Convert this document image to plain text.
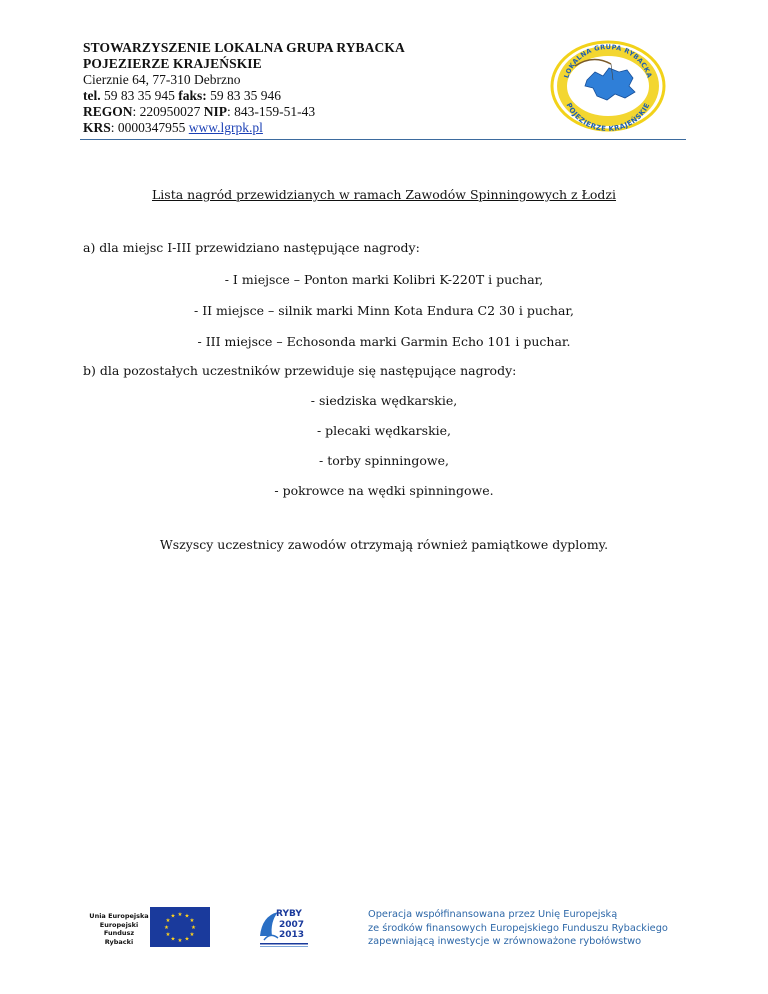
STOWARZYSZENIE LOKALNA GRUPA RYBACKA
POJEZIERZE KRAJEŃSKIE
Cierznie 64, 77-310 Debrzno
tel. 59 83 35 945 faks: 59 83 35 946
REGON: 220950027 NIP: 843-159-51-43
KRS: 0000347955 www.lgrpk.pl
LOKALNA GRUPA RYBACKA
POJEZIERZE KRAJEŃSKIE
Lista nagród przewidzianych w ramach Zawodów Spinningowych z Łodzi
a) dla miejsc I-III przewidziano następujące nagrody:
- I miejsce – Ponton marki Kolibri K-220T i puchar,
- II miejsce – silnik marki Minn Kota Endura C2 30 i puchar,
- III miejsce – Echosonda marki Garmin Echo 101 i puchar.
b) dla pozostałych uczestników przewiduje się następujące nagrody:
- siedziska wędkarskie,
- plecaki wędkarskie,
- torby spinningowe,
- pokrowce na wędki spinningowe.
Wszyscy uczestnicy zawodów otrzymają również pamiątkowe dyplomy.
Unia Europejska
Europejski
Fundusz
Rybacki
★ ★
★
★
★
★
★
★
★
★
★
★	RYBY
2007
2013
Operacja współfinansowana przez Unię Europejską
ze środków finansowych Europejskiego Funduszu Rybackiego
zapewniającą inwestycje w zrównoważone rybołówstwo
